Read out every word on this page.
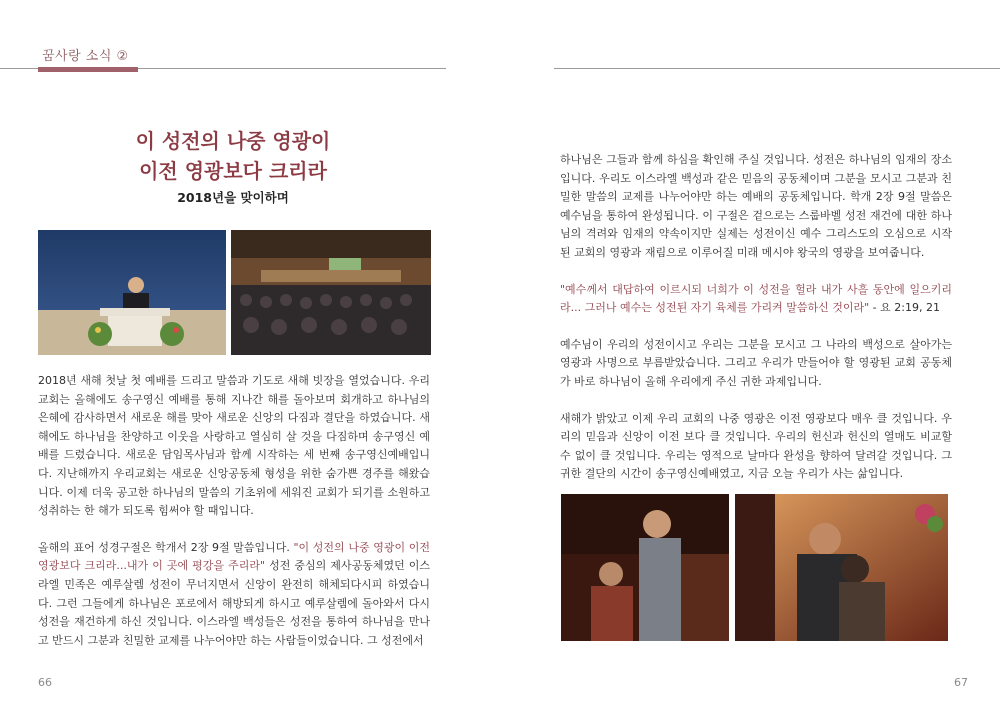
꿈사랑 소식 ②
이 성전의 나중 영광이
이전 영광보다 크리라
2018년을 맞이하며

2018년 새해 첫날 첫 예배를 드리고 말씀과 기도로 새해 빗장을 열었습니다. 우리 교회는 올해에도 송구영신 예배를 통해 지나간 해를 돌아보며 회개하고 하나님의 은혜에 감사하면서 새로운 해를 맞아 새로운 신앙의 다짐과 결단을 하였습니다. 새해에도 하나님을 찬양하고 이웃을 사랑하고 열심히 살 것을 다짐하며 송구영신 예배를 드렸습니다. 새로운 담임목사님과 함께 시작하는 세 번째 송구영신예배입니다. 지난해까지 우리교회는 새로운 신앙공동체 형성을 위한 숨가쁜 경주를 해왔습니다. 이제 더욱 공고한 하나님의 말씀의 기초위에 세워진 교회가 되기를 소원하고 성취하는 한 해가 되도록 힘써야 할 때입니다.

올해의 표어 성경구절은 학개서 2장 9절 말씀입니다. "이 성전의 나중 영광이 이전 영광보다 크리라...내가 이 곳에 평강을 주리라" 성전 중심의 제사공동체였던 이스라엘 민족은 예루살렘 성전이 무너지면서 신앙이 완전히 해체되다시피 하였습니다. 그런 그들에게 하나님은 포로에서 해방되게 하시고 예루살렘에 돌아와서 다시 성전을 재건하게 하신 것입니다. 이스라엘 백성들은 성전을 통하여 하나님을 만나고 반드시 그분과 친밀한 교제를 나누어야만 하는 사람들이었습니다. 그 성전에서

66

하나님은 그들과 함께 하심을 확인해 주실 것입니다. 성전은 하나님의 임재의 장소입니다. 우리도 이스라엘 백성과 같은 믿음의 공동체이며 그분을 모시고 그분과 친밀한 말씀의 교제를 나누어야만 하는 예배의 공동체입니다. 학개 2장 9절 말씀은 예수님을 통하여 완성됩니다. 이 구절은 겉으로는 스룹바벨 성전 재건에 대한 하나님의 격려와 임재의 약속이지만 실제는 성전이신 예수 그리스도의 오심으로 시작된 교회의 영광과 재림으로 이루어질 미래 메시야 왕국의 영광을 보여줍니다.

"예수께서 대답하여 이르시되 너희가 이 성전을 헐라 내가 사흘 동안에 일으키리라... 그러나 예수는 성전된 자기 육체를 가리켜 말씀하신 것이라" - 요 2:19, 21

예수님이 우리의 성전이시고 우리는 그분을 모시고 그 나라의 백성으로 살아가는 영광과 사명으로 부름받았습니다. 그리고 우리가 만들어야 할 영광된 교회 공동체가 바로 하나님이 올해 우리에게 주신 귀한 과제입니다.

새해가 밝았고 이제 우리 교회의 나중 영광은 이전 영광보다 매우 클 것입니다. 우리의 믿음과 신앙이 이전 보다 클 것입니다. 우리의 헌신과 헌신의 열매도 비교할 수 없이 클 것입니다. 우리는 영적으로 날마다 완성을 향하여 달려갈 것입니다. 그 귀한 결단의 시간이 송구영신예배였고, 지금 오늘 우리가 사는 삶입니다.

67
